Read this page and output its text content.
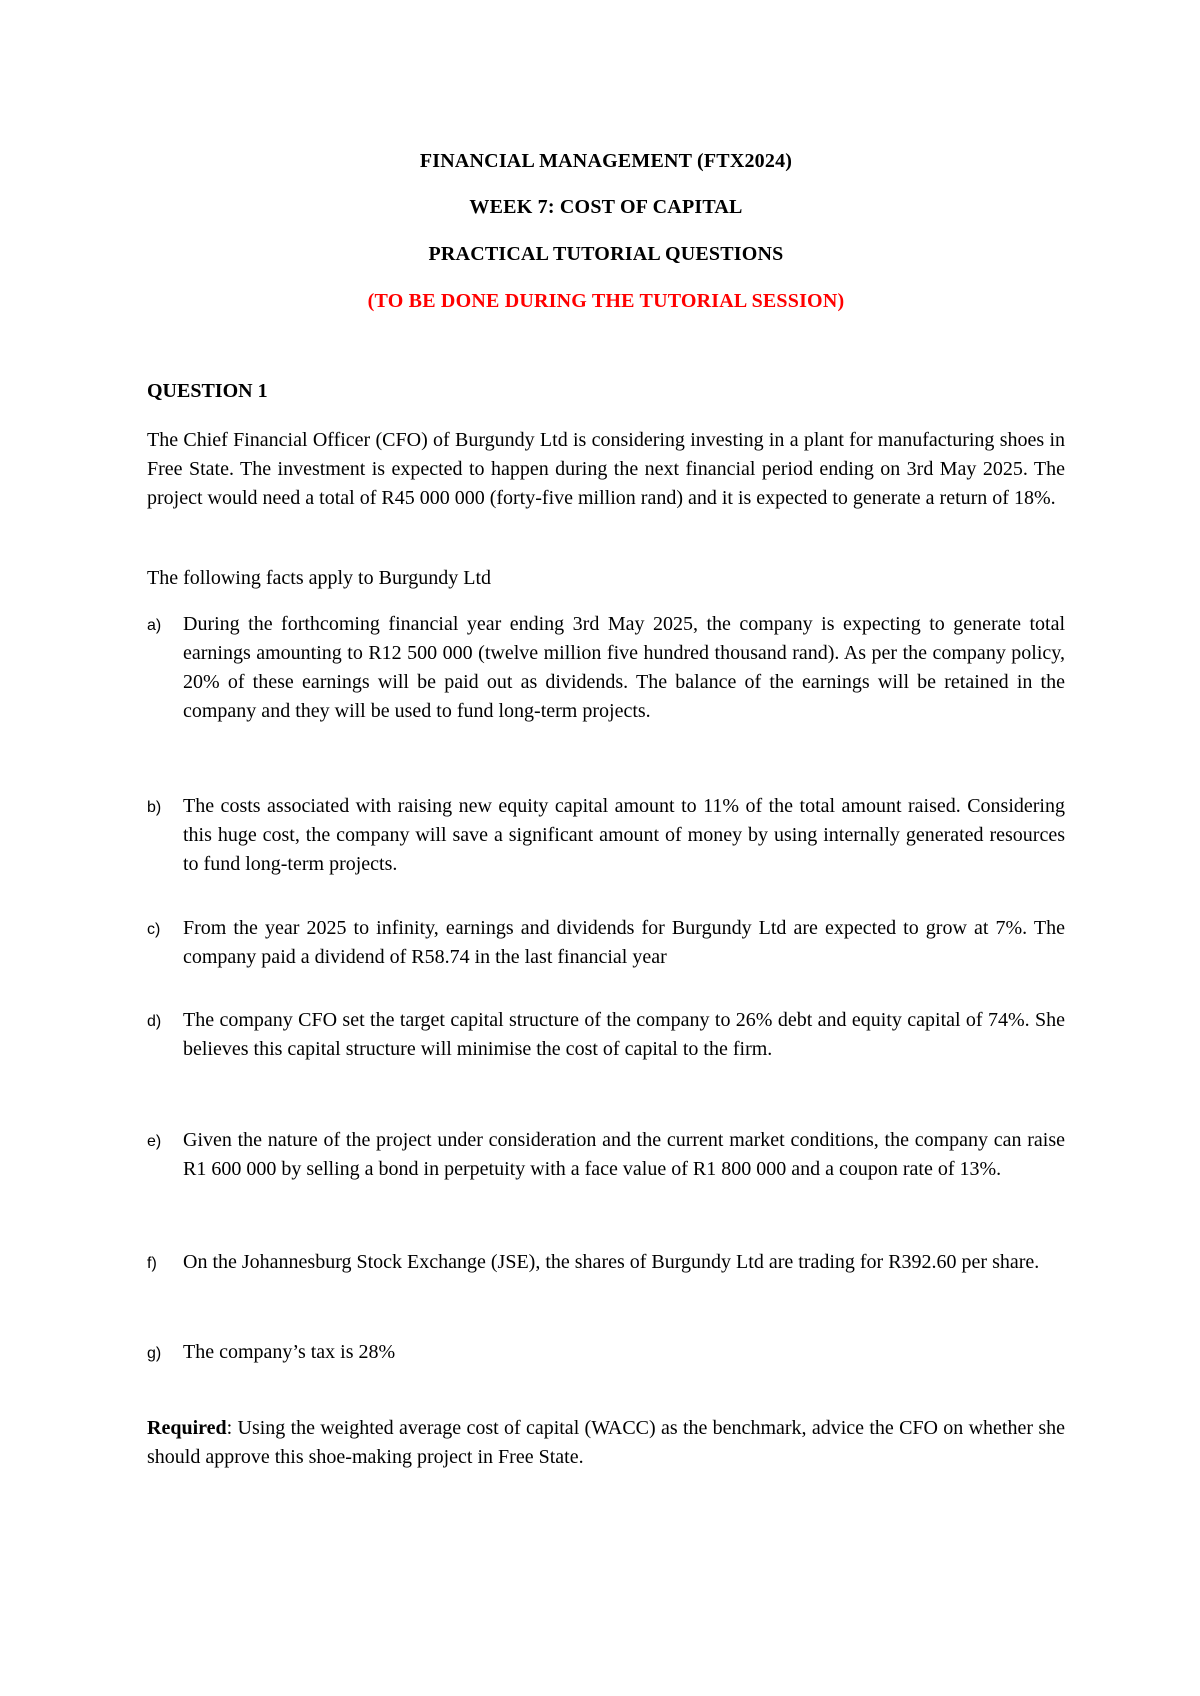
FINANCIAL MANAGEMENT (FTX2024)
WEEK 7: COST OF CAPITAL
PRACTICAL TUTORIAL QUESTIONS
(TO BE DONE DURING THE TUTORIAL SESSION)
QUESTION 1
The Chief Financial Officer (CFO) of Burgundy Ltd is considering investing in a plant for manufacturing shoes in Free State. The investment is expected to happen during the next financial period ending on 3rd May 2025. The project would need a total of R45 000 000 (forty-five million rand) and it is expected to generate a return of 18%.
The following facts apply to Burgundy Ltd
a) During the forthcoming financial year ending 3rd May 2025, the company is expecting to generate total earnings amounting to R12 500 000 (twelve million five hundred thousand rand). As per the company policy, 20% of these earnings will be paid out as dividends. The balance of the earnings will be retained in the company and they will be used to fund long-term projects.
b) The costs associated with raising new equity capital amount to 11% of the total amount raised. Considering this huge cost, the company will save a significant amount of money by using internally generated resources to fund long-term projects.
c) From the year 2025 to infinity, earnings and dividends for Burgundy Ltd are expected to grow at 7%. The company paid a dividend of R58.74 in the last financial year
d) The company CFO set the target capital structure of the company to 26% debt and equity capital of 74%. She believes this capital structure will minimise the cost of capital to the firm.
e) Given the nature of the project under consideration and the current market conditions, the company can raise R1 600 000 by selling a bond in perpetuity with a face value of R1 800 000 and a coupon rate of 13%.
f) On the Johannesburg Stock Exchange (JSE), the shares of Burgundy Ltd are trading for R392.60 per share.
g) The company’s tax is 28%
Required: Using the weighted average cost of capital (WACC) as the benchmark, advice the CFO on whether she should approve this shoe-making project in Free State.
